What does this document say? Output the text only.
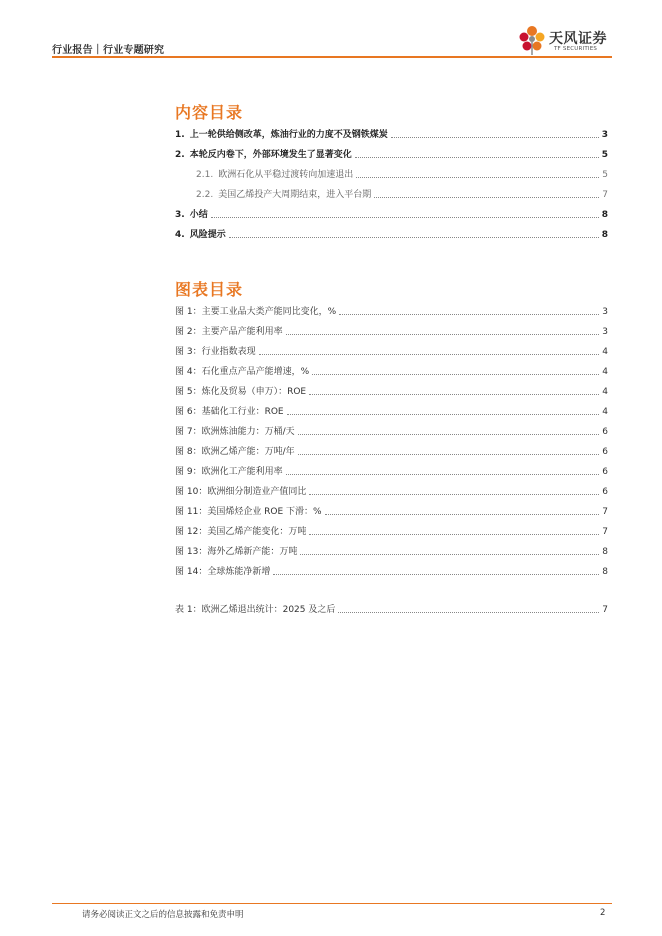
行业报告｜行业专题研究
天风证券
TF SECURITIES
内容目录
1. 上一轮供给侧改革，炼油行业的力度不及钢铁煤炭	3
2. 本轮反内卷下，外部环境发生了显著变化	5
2.1. 欧洲石化从平稳过渡转向加速退出	5
2.2. 美国乙烯投产大周期结束，进入平台期	7
3. 小结	8
4. 风险提示	8
图表目录
图 1：主要工业品大类产能同比变化，%	3
图 2：主要产品产能利用率	3
图 3：行业指数表现	4
图 4：石化重点产品产能增速，%	4
图 5：炼化及贸易（申万）：ROE	4
图 6：基础化工行业：ROE	4
图 7：欧洲炼油能力：万桶/天	6
图 8：欧洲乙烯产能：万吨/年	6
图 9：欧洲化工产能利用率	6
图 10：欧洲细分制造业产值同比	6
图 11：美国烯烃企业 ROE 下滑：%	7
图 12：美国乙烯产能变化：万吨	7
图 13：海外乙烯新产能：万吨	8
图 14：全球炼能净新增	8
表 1：欧洲乙烯退出统计：2025 及之后	7
请务必阅读正文之后的信息披露和免责申明	2
